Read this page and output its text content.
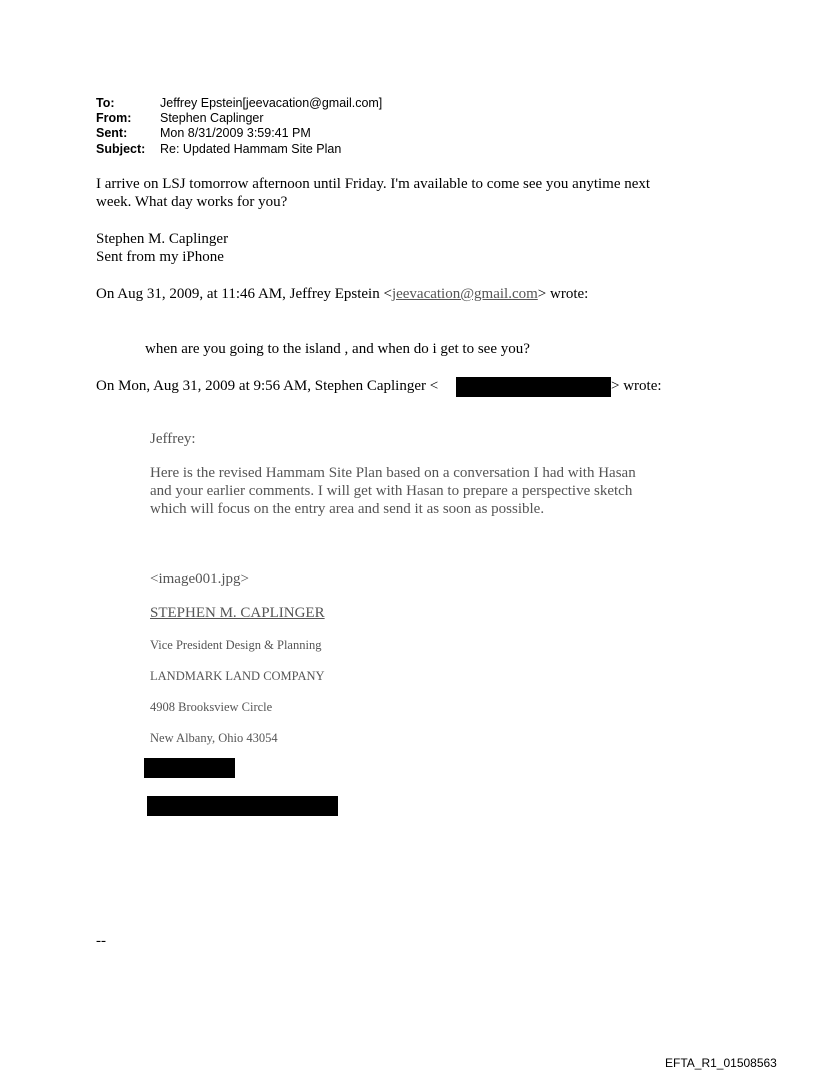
To:	Jeffrey Epstein[jeevacation@gmail.com]
From: Stephen Caplinger
Sent:	Mon 8/31/2009 3:59:41 PM
Subject: Re: Updated Hammam Site Plan
I arrive on LSJ tomorrow afternoon until Friday. I'm available to come see you anytime next
week. What day works for you?
Stephen M. Caplinger
Sent from my iPhone
On Aug 31, 2009, at 11:46 AM, Jeffrey Epstein <jeevacation@gmail.com> wrote:
when are you going to the island , and when do i get to see you?
On Mon, Aug 31, 2009 at 9:56 AM, Stephen Caplinger <	> wrote:
Jeffrey:
Here is the revised Hammam Site Plan based on a conversation I had with Hasan
and your earlier comments. I will get with Hasan to prepare a perspective sketch
which will focus on the entry area and send it as soon as possible.
<image001.jpg>
STEPHEN M. CAPLINGER
Vice President Design & Planning
LANDMARK LAND COMPANY
4908 Brooksview Circle
New Albany, Ohio 43054
--
EFTA_R1_01508563
